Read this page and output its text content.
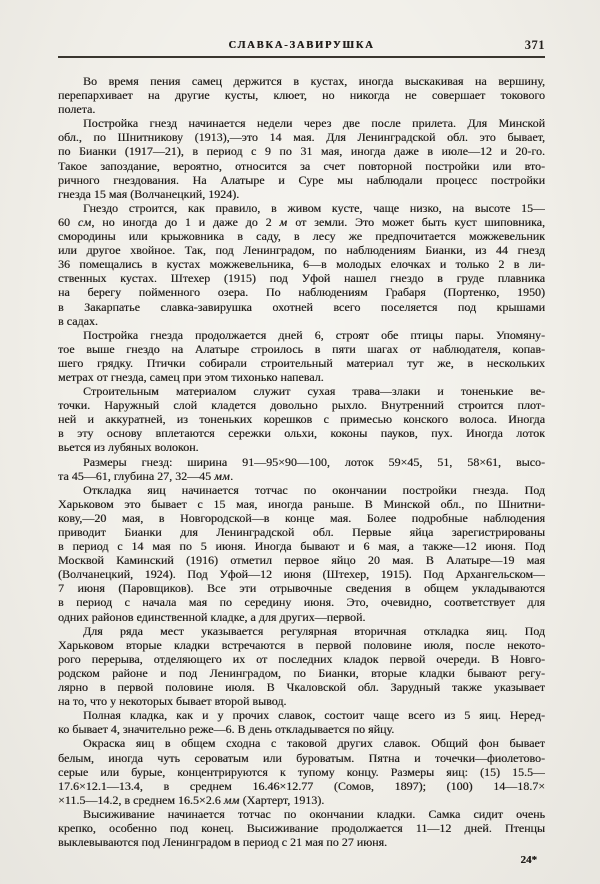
СЛАВКА-ЗАВИРУШКА	371
Во время пения самец держится в кустах, иногда выскакивая на вершину,
перепархивает на другие кусты, клюет, но никогда не совершает токового
полета.
Постройка гнезд начинается недели через две после прилета. Для Минской
обл., по Шнитникову (1913),—это 14 мая. Для Ленинградской обл. это бывает,
по Бианки (1917—21), в период с 9 по 31 мая, иногда даже в июле—12 и 20-го.
Такое запоздание, вероятно, относится за счет повторной постройки или вто-
ричного гнездования. На Алатыре и Суре мы наблюдали процесс постройки
гнезда 15 мая (Волчанецкий, 1924).
Гнездо строится, как правило, в живом кусте, чаще низко, на высоте 15—
60 см, но иногда до 1 и даже до 2 м от земли. Это может быть куст шиповника,
смородины или крыжовника в саду, в лесу же предпочитается можжевельник
или другое хвойное. Так, под Ленинградом, по наблюдениям Бианки, из 44 гнезд
36 помещались в кустах можжевельника, 6—в молодых елочках и только 2 в ли-
ственных кустах. Штехер (1915) под Уфой нашел гнездо в груде плавника
на берегу пойменного озера. По наблюдениям Грабаря (Портенко, 1950)
в Закарпатье славка-завирушка охотней всего поселяется под крышами
в садах.
Постройка гнезда продолжается дней 6, строят обе птицы пары. Упомяну-
тое выше гнездо на Алатыре строилось в пяти шагах от наблюдателя, копав-
шего грядку. Птички собирали строительный материал тут же, в нескольких
метрах от гнезда, самец при этом тихонько напевал.
Строительным материалом служит сухая трава—злаки и тоненькие ве-
точки. Наружный слой кладется довольно рыхло. Внутренний строится плот-
ней и аккуратней, из тоненьких корешков с примесью конского волоса. Иногда
в эту основу вплетаются сережки ольхи, коконы пауков, пух. Иногда лоток
вьется из лубяных волокон.
Размеры гнезд: ширина 91—95×90—100, лоток 59×45, 51, 58×61, высо-
та 45—61, глубина 27, 32—45 мм.
Откладка яиц начинается тотчас по окончании постройки гнезда. Под
Харьковом это бывает с 15 мая, иногда раньше. В Минской обл., по Шнитни-
кову,—20 мая, в Новгородской—в конце мая. Более подробные наблюдения
приводит Бианки для Ленинградской обл. Первые яйца зарегистрированы
в период с 14 мая по 5 июня. Иногда бывают и 6 мая, а также—12 июня. Под
Москвой Каминский (1916) отметил первое яйцо 20 мая. В Алатыре—19 мая
(Волчанецкий, 1924). Под Уфой—12 июня (Штехер, 1915). Под Архангельском—
7 июня (Паровщиков). Все эти отрывочные сведения в общем укладываются
в период с начала мая по середину июня. Это, очевидно, соответствует для
одних районов единственной кладке, а для других—первой.
Для ряда мест указывается регулярная вторичная откладка яиц. Под
Харьковом вторые кладки встречаются в первой половине июля, после некото-
рого перерыва, отделяющего их от последних кладок первой очереди. В Новго-
родском районе и под Ленинградом, по Бианки, вторые кладки бывают регу-
лярно в первой половине июля. В Чкаловской обл. Зарудный также указывает
на то, что у некоторых бывает второй вывод.
Полная кладка, как и у прочих славок, состоит чаще всего из 5 яиц. Неред-
ко бывает 4, значительно реже—6. В день откладывается по яйцу.
Окраска яиц в общем сходна с таковой других славок. Общий фон бывает
белым, иногда чуть сероватым или буроватым. Пятна и точечки—фиолетово-
серые или бурые, концентрируются к тупому концу. Размеры яиц: (15) 15.5—
17.6×12.1—13.4, в среднем 16.46×12.77 (Сомов, 1897); (100) 14—18.7×
×11.5—14.2, в среднем 16.5×2.6 мм (Хартерт, 1913).
Высиживание начинается тотчас по окончании кладки. Самка сидит очень
крепко, особенно под конец. Высиживание продолжается 11—12 дней. Птенцы
выклевываются под Ленинградом в период с 21 мая по 27 июня.
24*
